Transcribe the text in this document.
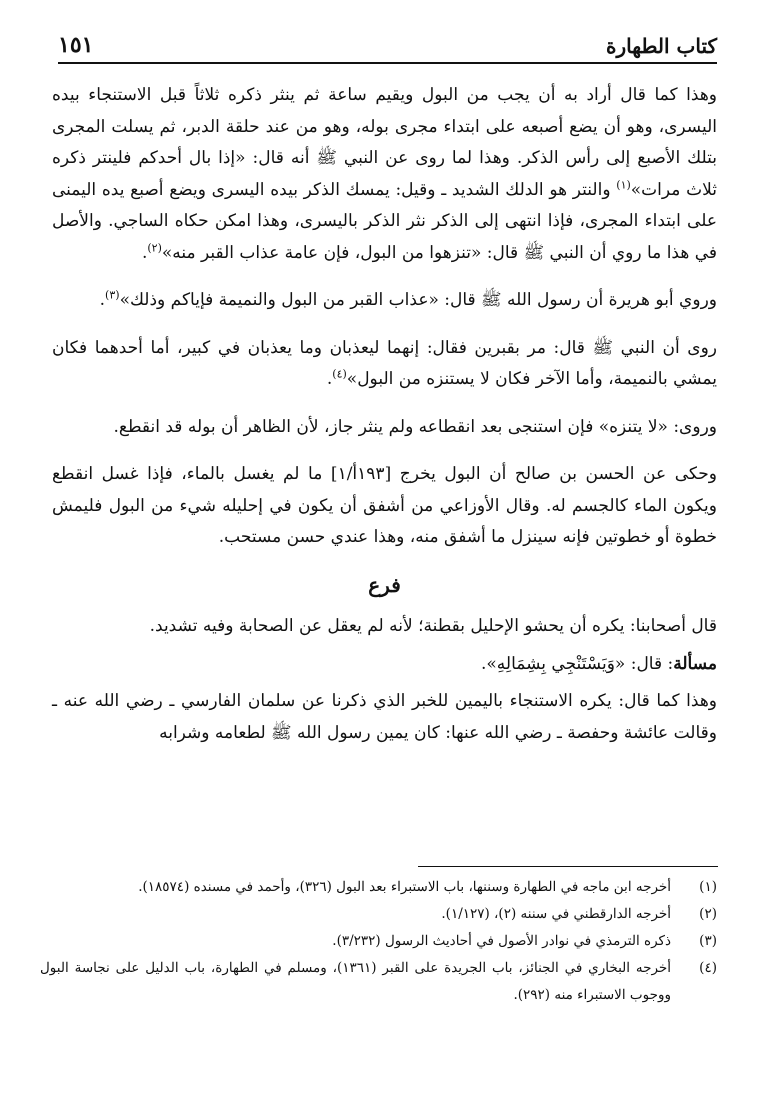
كتاب الطهارة
١٥١

وهذا كما قال أراد به أن يجب من البول ويقيم ساعة ثم ينثر ذكره ثلاثاً قبل الاستنجاء بيده اليسرى، وهو أن يضع أصبعه على ابتداء مجرى بوله، وهو من عند حلقة الدبر، ثم يسلت المجرى بتلك الأصبع إلى رأس الذكر. وهذا لما روى عن النبي ﷺ أنه قال: «إذا بال أحدكم فلينتر ذكره ثلاث مرات»$^{(١)}$ والنتر هو الدلك الشديد ـ وقيل: يمسك الذكر بيده اليسرى ويضع أصبع يده اليمنى على ابتداء المجرى، فإذا انتهى إلى الذكر نثر الذكر باليسرى، وهذا امكن حكاه الساجي. والأصل في هذا ما روي أن النبي ﷺ قال: «تنزهوا من البول، فإن عامة عذاب القبر منه»$^{(٢)}$.

وروي أبو هريرة أن رسول الله ﷺ قال: «عذاب القبر من البول والنميمة فإياكم وذلك»$^{(٣)}$.

روى أن النبي ﷺ قال: مر بقبرين فقال: إنهما ليعذبان وما يعذبان في كبير، أما أحدهما فكان يمشي بالنميمة، وأما الآخر فكان لا يستنزه من البول»$^{(٤)}$.

وروى: «لا يتنزه» فإن استنجى بعد انقطاعه ولم ينثر جاز، لأن الظاهر أن بوله قد انقطع.

وحكى عن الحسن بن صالح أن البول يخرج [١٩٣أ/١] ما لم يغسل بالماء، فإذا غسل انقطع ويكون الماء كالجسم له. وقال الأوزاعي من أشفق أن يكون في إحليله شيء من البول فليمش خطوة أو خطوتين فإنه سينزل ما أشفق منه، وهذا عندي حسن مستحب.

فرع

قال أصحابنا: يكره أن يحشو الإحليل بقطنة؛ لأنه لم يعقل عن الصحابة وفيه تشديد.

مسألة: قال: «وَيَسْتَنْجِي بِشِمَالِهِ».

وهذا كما قال: يكره الاستنجاء باليمين للخبر الذي ذكرنا عن سلمان الفارسي ـ رضي الله عنه ـ وقالت عائشة وحفصة ـ رضي الله عنها: كان يمين رسول الله ﷺ لطعامه وشرابه

(١)
أخرجه ابن ماجه في الطهارة وسننها، باب الاستبراء بعد البول (٣٢٦)، وأحمد في مسنده (١٨٥٧٤).
(٢)
أخرجه الدارقطني في سننه (٢)، (١/١٢٧).
(٣)
ذكره الترمذي في نوادر الأصول في أحاديث الرسول (٣/٢٣٢).
(٤)
أخرجه البخاري في الجنائز، باب الجريدة على القبر (١٣٦١)، ومسلم في الطهارة، باب الدليل على نجاسة البول ووجوب الاستبراء منه (٢٩٢).
